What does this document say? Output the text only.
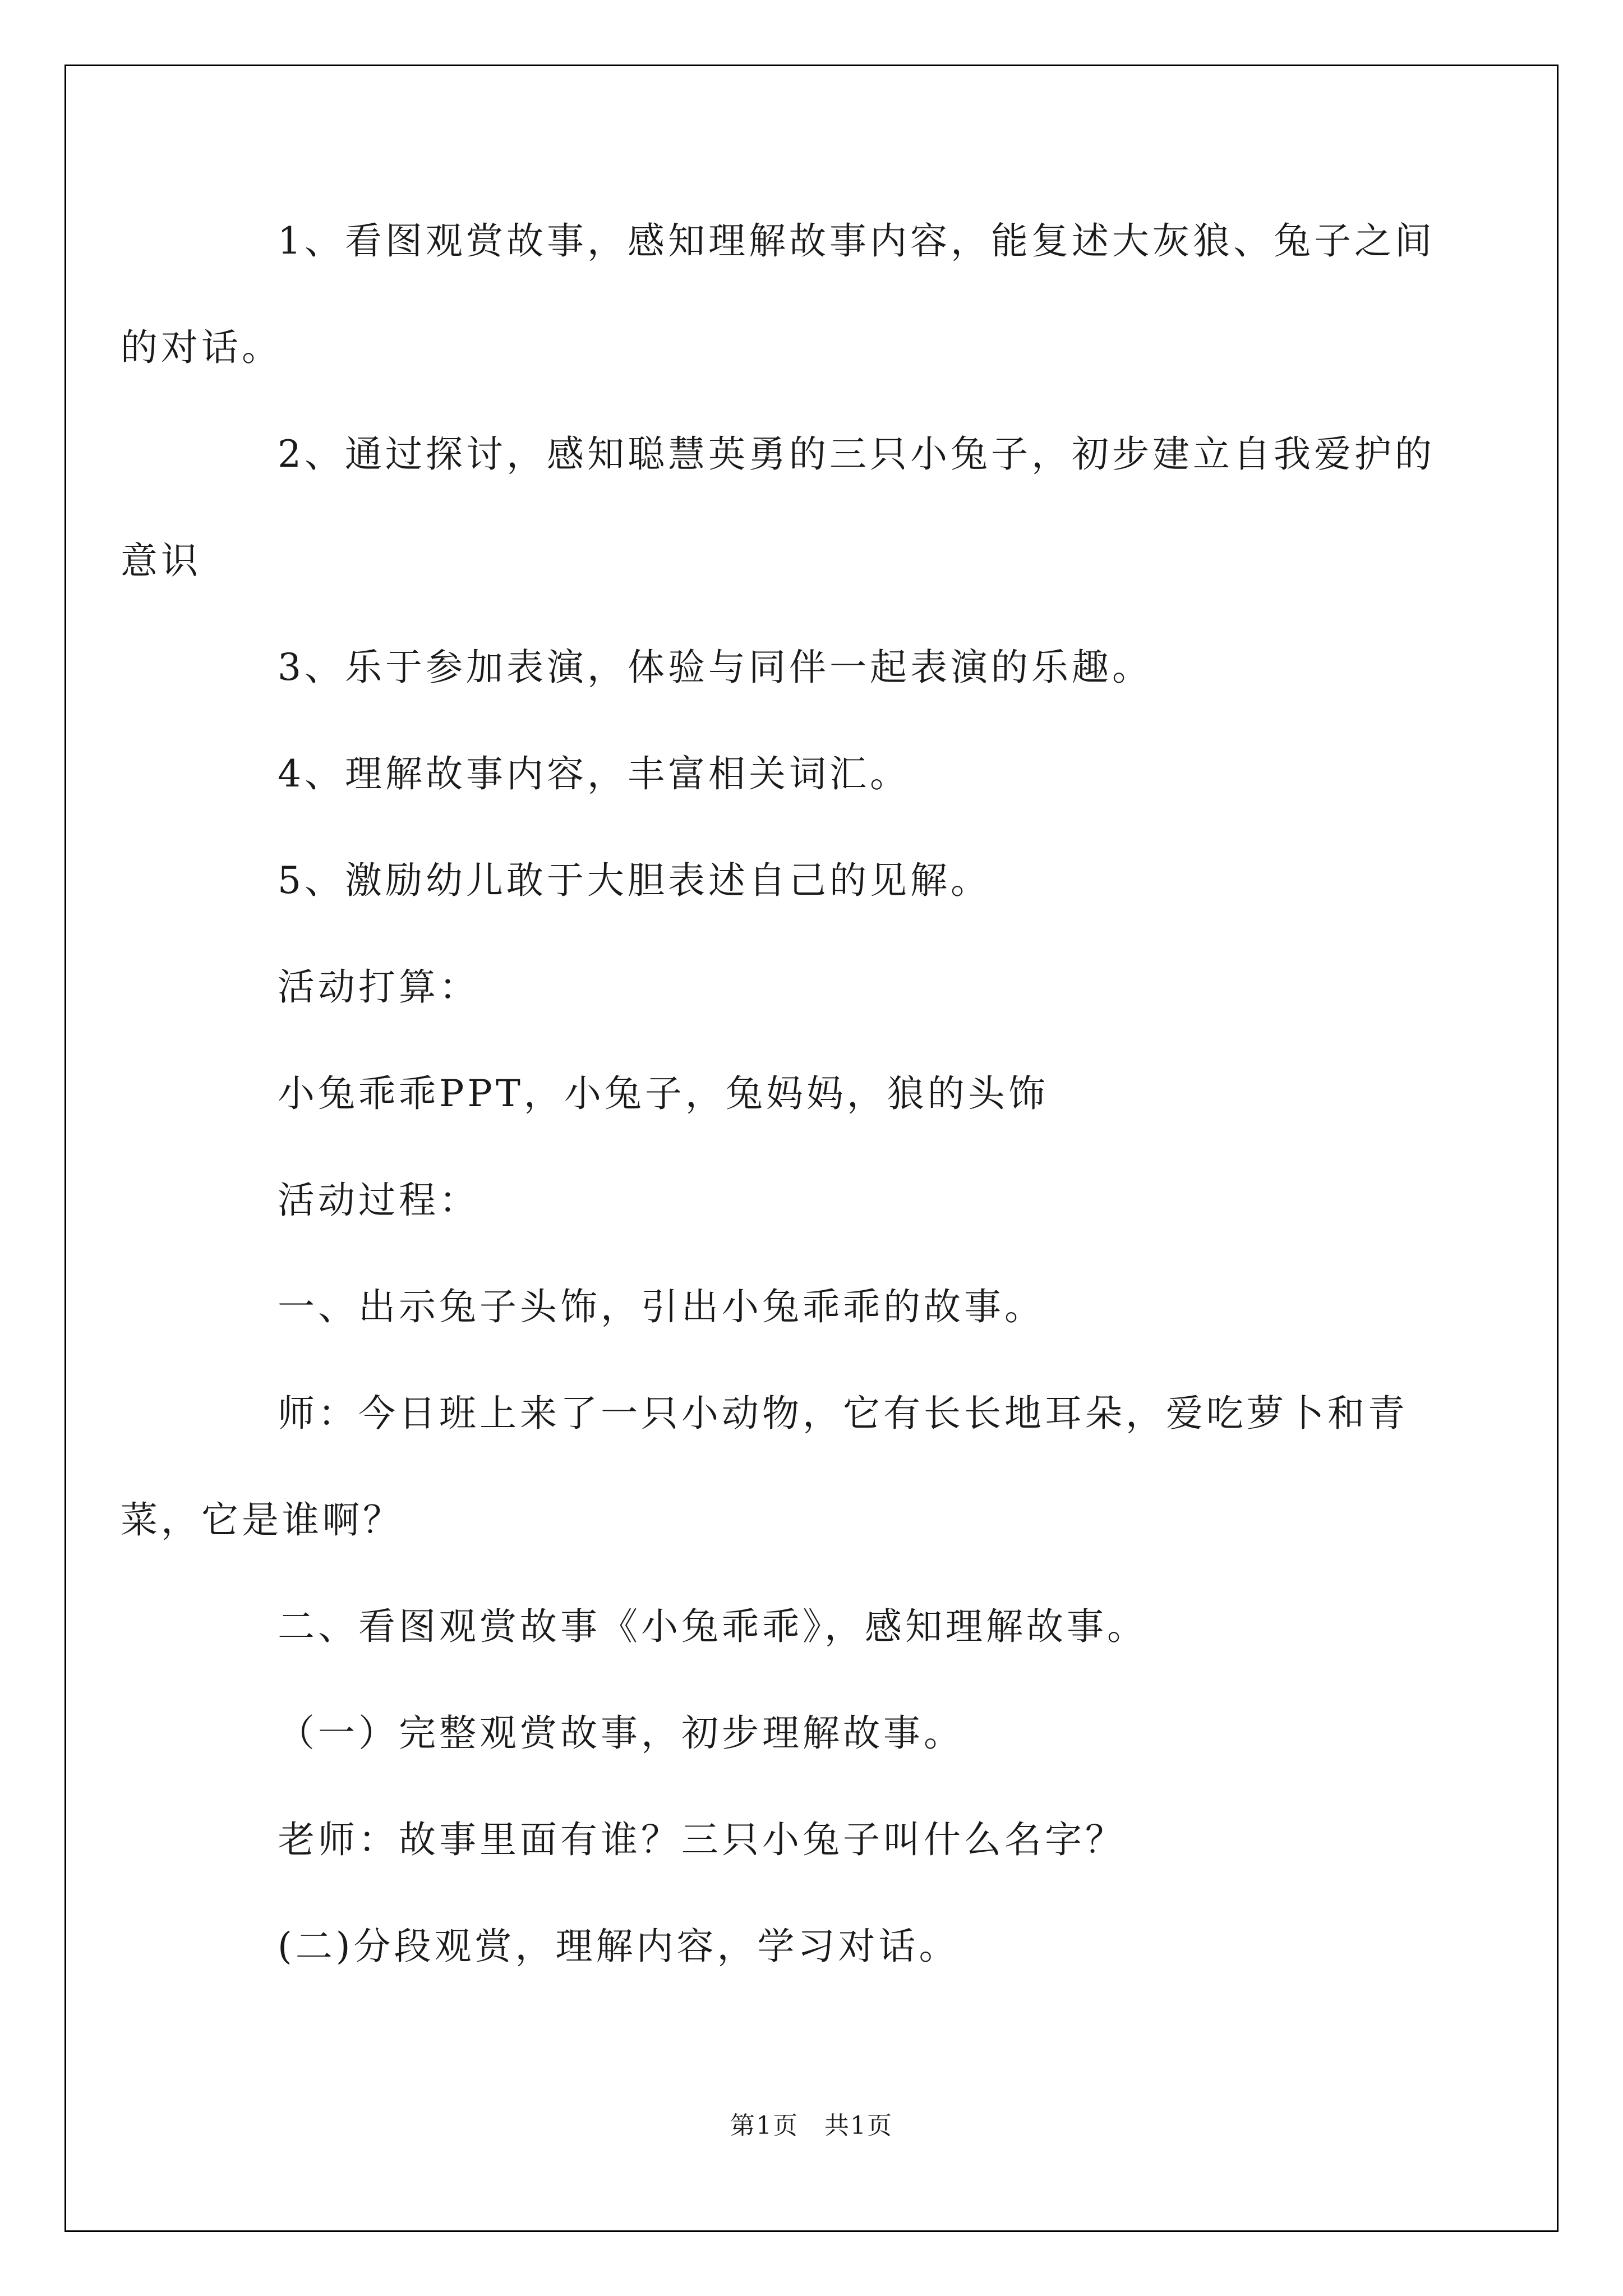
1、看图观赏故事，感知理解故事内容，能复述大灰狼、兔子之间
的对话。
2、通过探讨，感知聪慧英勇的三只小兔子，初步建立自我爱护的
意识
3、乐于参加表演，体验与同伴一起表演的乐趣。
4、理解故事内容，丰富相关词汇。
5、激励幼儿敢于大胆表述自己的见解。
活动打算：
小兔乖乖PPT，小兔子，兔妈妈，狼的头饰
活动过程：
一、出示兔子头饰，引出小兔乖乖的故事。
师：今日班上来了一只小动物，它有长长地耳朵，爱吃萝卜和青
菜，它是谁啊？
二、看图观赏故事《小兔乖乖》，感知理解故事。
（一）完整观赏故事，初步理解故事。
老师：故事里面有谁？三只小兔子叫什么名字？
(二)分段观赏，理解内容，学习对话。
第1页　共1页
